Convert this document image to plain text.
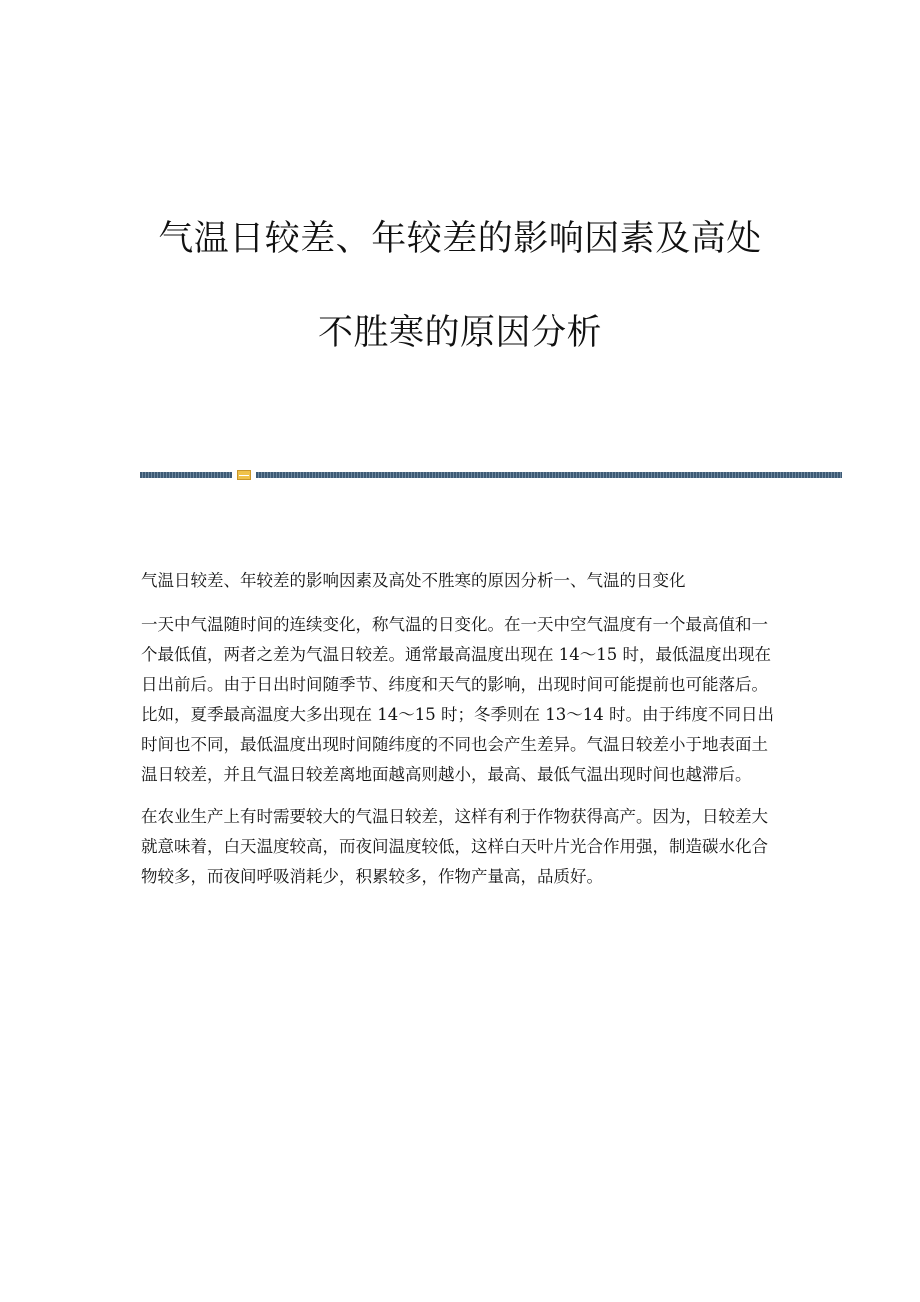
气温日较差、年较差的影响因素及高处
不胜寒的原因分析

气温日较差、年较差的影响因素及高处不胜寒的原因分析一、气温的日变化

一天中气温随时间的连续变化，称气温的日变化。在一天中空气温度有一个最高值和一个最低值，两者之差为气温日较差。通常最高温度出现在 14～15 时，最低温度出现在日出前后。由于日出时间随季节、纬度和天气的影响，出现时间可能提前也可能落后。比如，夏季最高温度大多出现在 14～15 时；冬季则在 13～14 时。由于纬度不同日出时间也不同，最低温度出现时间随纬度的不同也会产生差异。气温日较差小于地表面土温日较差，并且气温日较差离地面越高则越小，最高、最低气温出现时间也越滞后。

在农业生产上有时需要较大的气温日较差，这样有利于作物获得高产。因为，日较差大就意味着，白天温度较高，而夜间温度较低，这样白天叶片光合作用强，制造碳水化合物较多，而夜间呼吸消耗少，积累较多，作物产量高，品质好。
